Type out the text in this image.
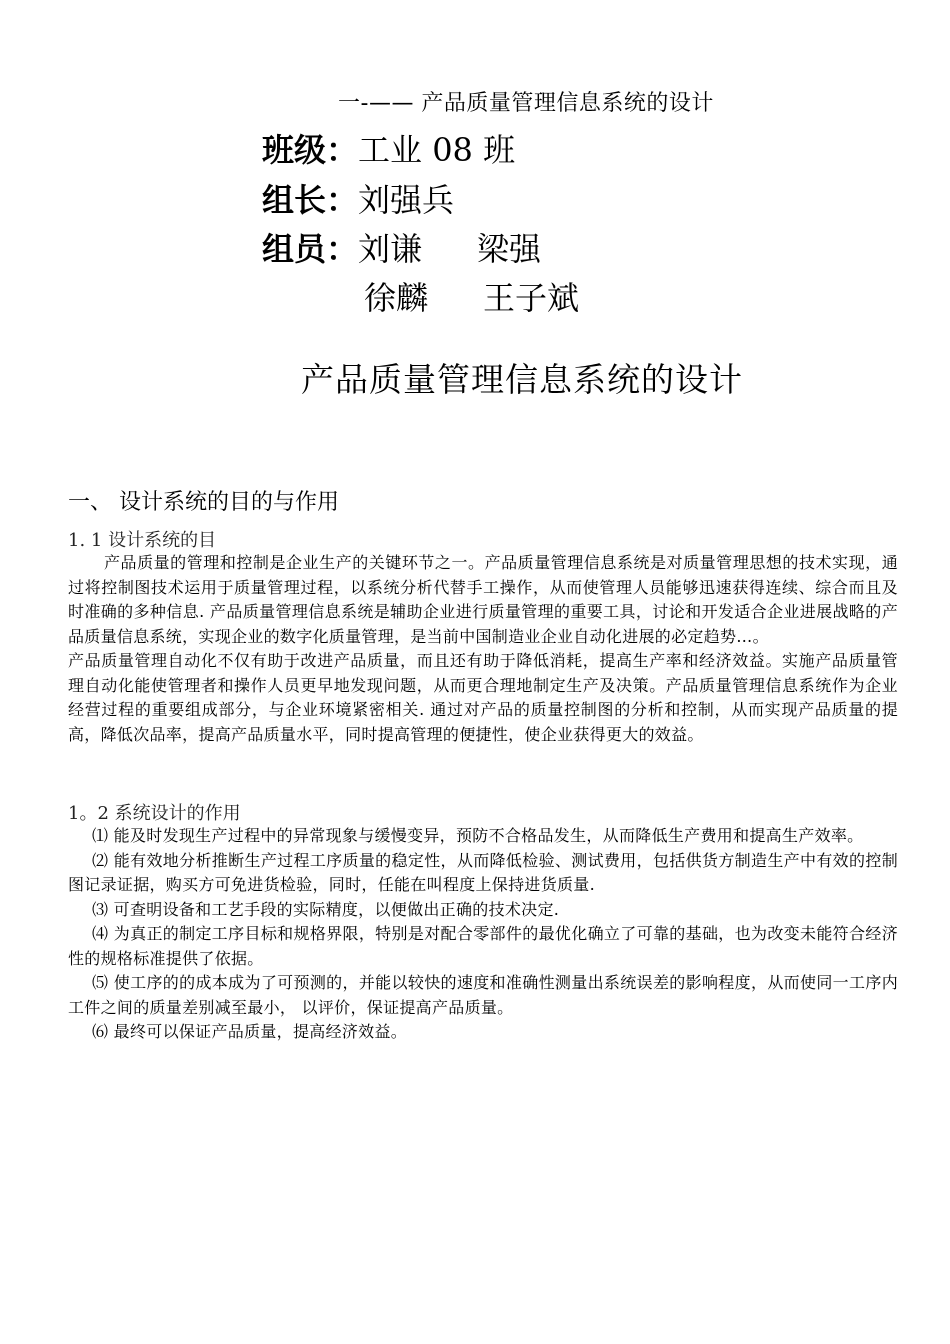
一-—— 产品质量管理信息系统的设计
班级：工业 08 班
组长：刘强兵
组员：刘谦 梁强
徐麟 王子斌
产品质量管理信息系统的设计
一、 设计系统的目的与作用
1. 1 设计系统的目

产品质量的管理和控制是企业生产的关键环节之一。产品质量管理信息系统是对质量管理思想的技术实现，通过将控制图技术运用于质量管理过程，以系统分析代替手工操作，从而使管理人员能够迅速获得连续、综合而且及时准确的多种信息. 产品质量管理信息系统是辅助企业进行质量管理的重要工具，讨论和开发适合企业进展战略的产品质量信息系统，实现企业的数字化质量管理，是当前中国制造业企业自动化进展的必定趋势…。

产品质量管理自动化不仅有助于改进产品质量，而且还有助于降低消耗，提高生产率和经济效益。实施产品质量管理自动化能使管理者和操作人员更早地发现问题，从而更合理地制定生产及决策。产品质量管理信息系统作为企业经营过程的重要组成部分，与企业环境紧密相关. 通过对产品的质量控制图的分析和控制，从而实现产品质量的提高，降低次品率，提高产品质量水平，同时提高管理的便捷性，使企业获得更大的效益。

1。2 系统设计的作用

⑴ 能及时发现生产过程中的异常现象与缓慢变异，预防不合格品发生，从而降低生产费用和提高生产效率。

⑵ 能有效地分析推断生产过程工序质量的稳定性，从而降低检验、测试费用，包括供货方制造生产中有效的控制图记录证据，购买方可免进货检验，同时，任能在叫程度上保持进货质量.

⑶ 可查明设备和工艺手段的实际精度，以便做出正确的技术决定.

⑷ 为真正的制定工序目标和规格界限，特别是对配合零部件的最优化确立了可靠的基础，也为改变未能符合经济性的规格标准提供了依据。

⑸ 使工序的的成本成为了可预测的，并能以较快的速度和准确性测量出系统误差的影响程度，从而使同一工序内工件之间的质量差别减至最小， 以评价，保证提高产品质量。

⑹ 最终可以保证产品质量，提高经济效益。
